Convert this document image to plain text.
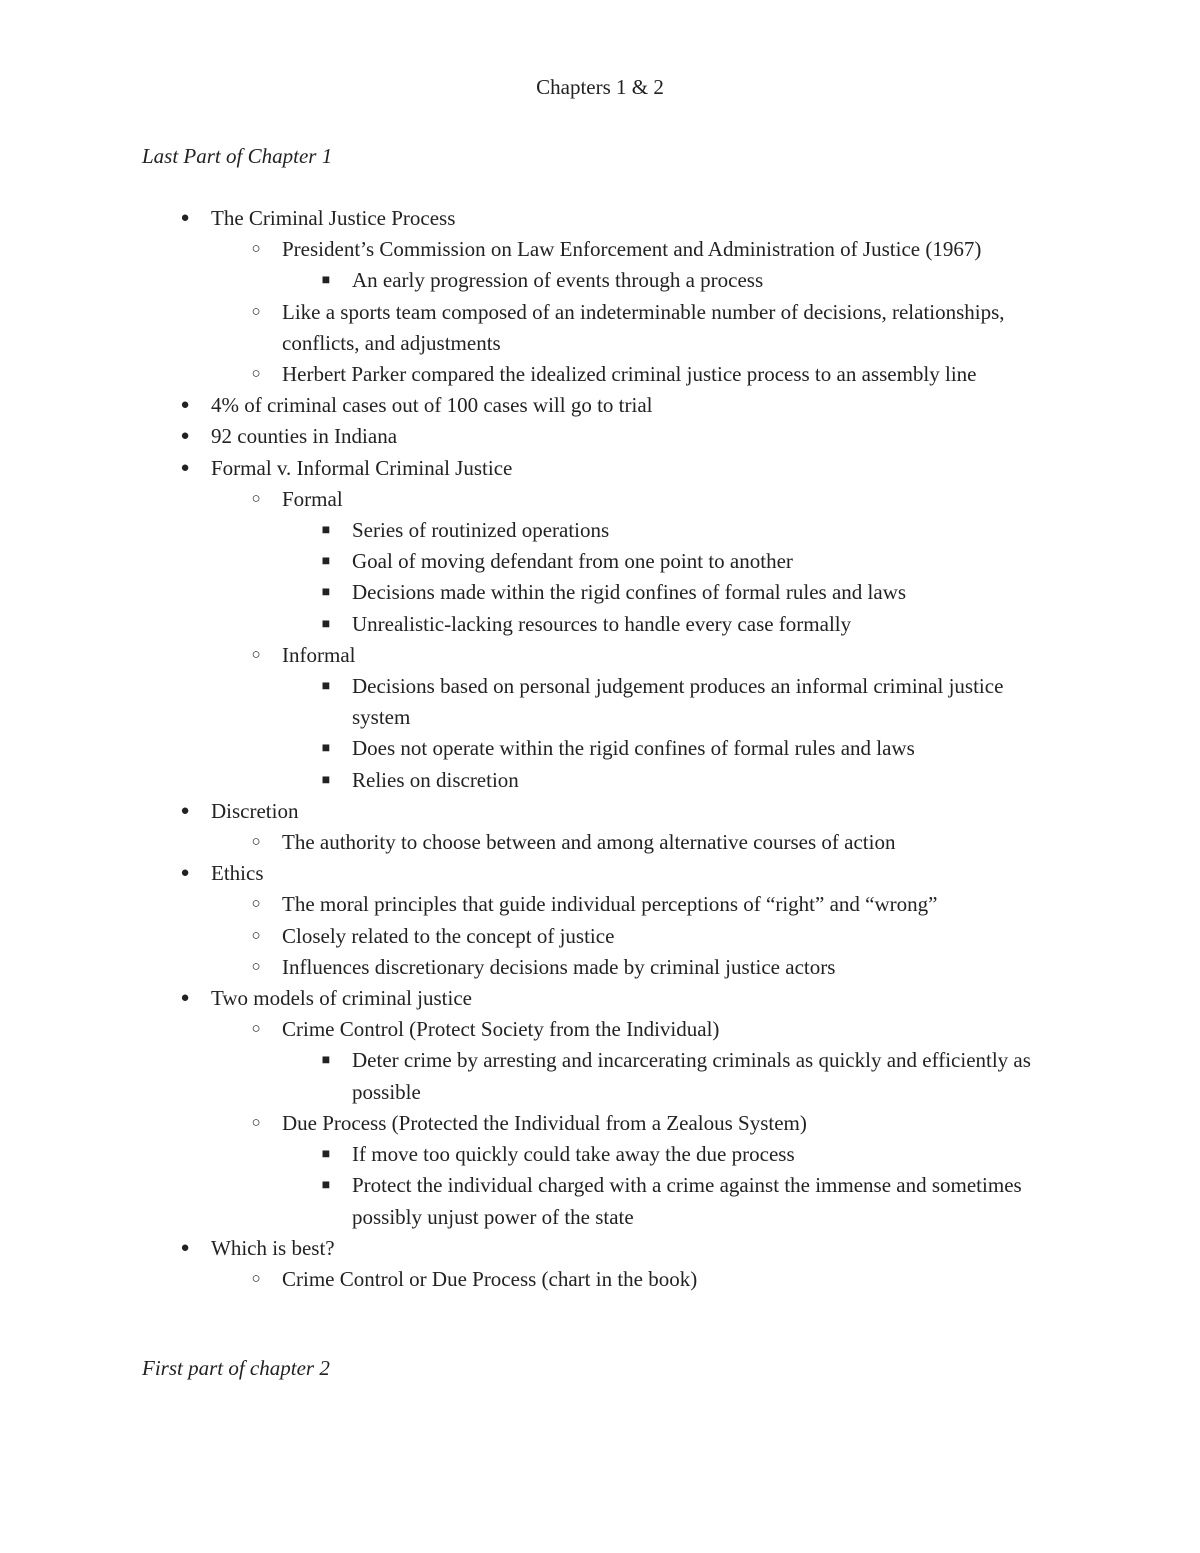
Chapters 1 & 2

Last Part of Chapter 1

● The Criminal Justice Process
○ President’s Commission on Law Enforcement and Administration of Justice (1967)
■ An early progression of events through a process
○ Like a sports team composed of an indeterminable number of decisions, relationships, conflicts, and adjustments
○ Herbert Parker compared the idealized criminal justice process to an assembly line
● 4% of criminal cases out of 100 cases will go to trial
● 92 counties in Indiana
● Formal v. Informal Criminal Justice
○ Formal
■ Series of routinized operations
■ Goal of moving defendant from one point to another
■ Decisions made within the rigid confines of formal rules and laws
■ Unrealistic-lacking resources to handle every case formally
○ Informal
■ Decisions based on personal judgement produces an informal criminal justice system
■ Does not operate within the rigid confines of formal rules and laws
■ Relies on discretion
● Discretion
○ The authority to choose between and among alternative courses of action
● Ethics
○ The moral principles that guide individual perceptions of “right” and “wrong”
○ Closely related to the concept of justice
○ Influences discretionary decisions made by criminal justice actors
● Two models of criminal justice
○ Crime Control (Protect Society from the Individual)
■ Deter crime by arresting and incarcerating criminals as quickly and efficiently as possible
○ Due Process (Protected the Individual from a Zealous System)
■ If move too quickly could take away the due process
■ Protect the individual charged with a crime against the immense and sometimes possibly unjust power of the state
● Which is best?
○ Crime Control or Due Process (chart in the book)

First part of chapter 2
